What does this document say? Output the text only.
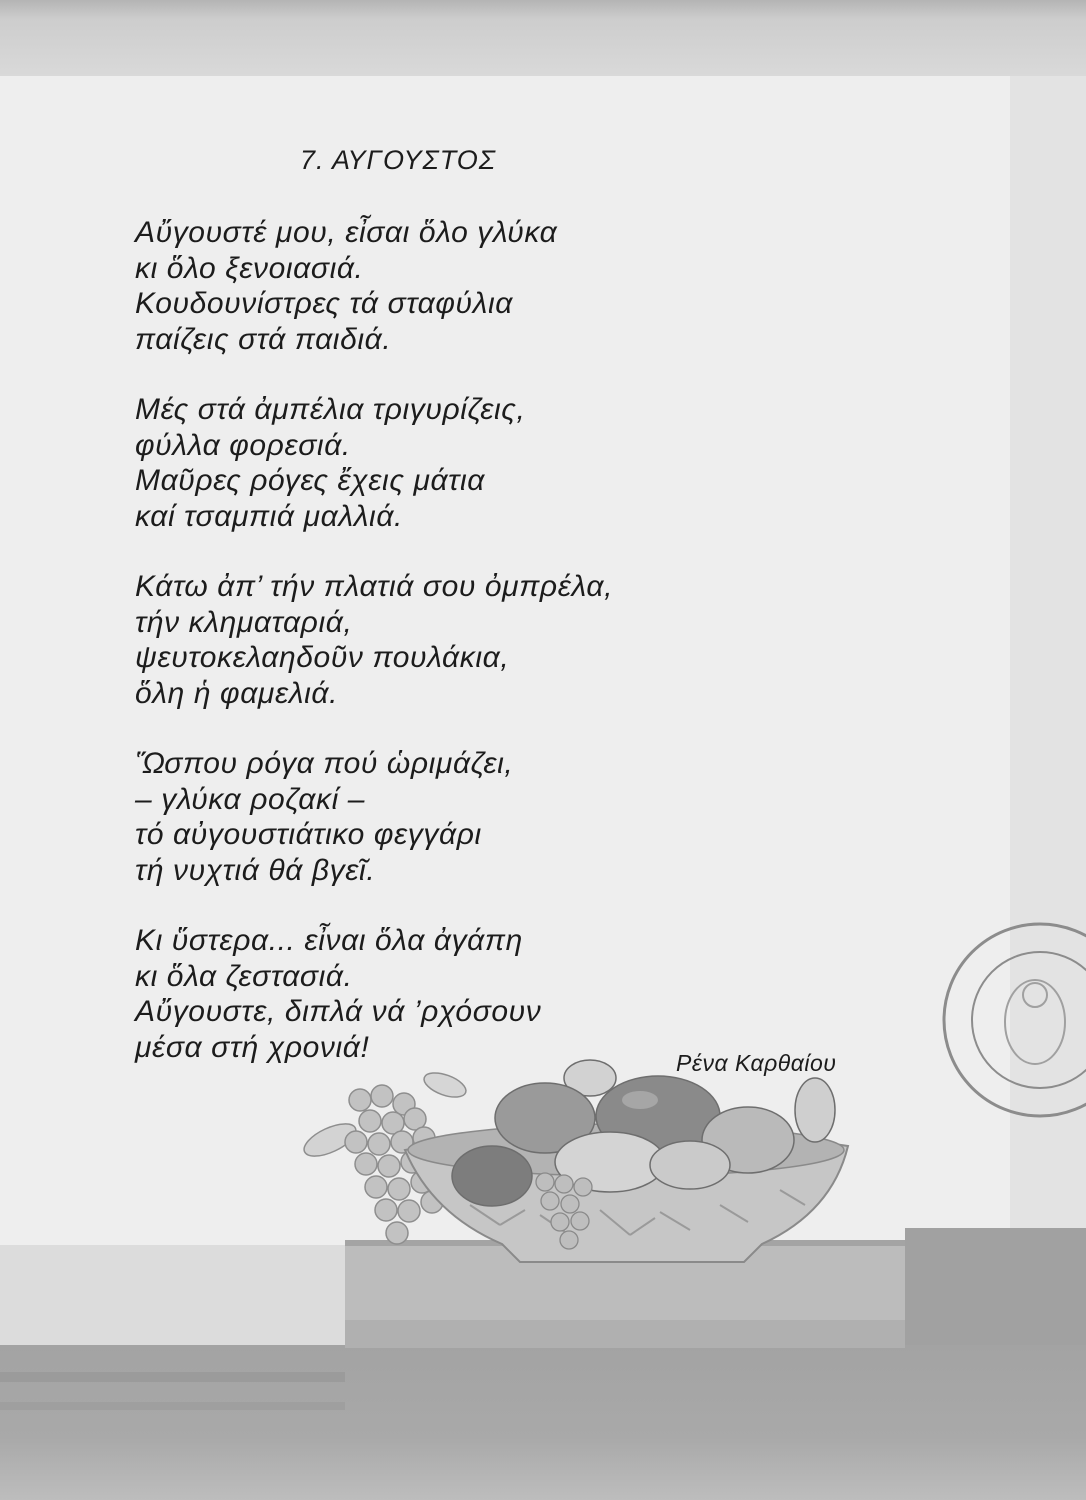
7. ΑΥΓΟΥΣΤΟΣ
Αὔγουστέ μου, εἶσαι ὅλο γλύκα
κι ὅλο ξενοιασιά.
Κουδουνίστρες τά σταφύλια
παίζεις στά παιδιά.
Μές στά ἀμπέλια τριγυρίζεις,
φύλλα φορεσιά.
Μαῦρες ρόγες ἔχεις μάτια
καί τσαμπιά μαλλιά.
Κάτω ἀπ’ τήν πλατιά σου ὀμπρέλα,
τήν κληματαριά,
ψευτοκελαηδοῦν πουλάκια,
ὅλη ἡ φαμελιά.
Ὥσπου ρόγα πού ὡριμάζει,
– γλύκα ροζακί –
τό αὐγουστιάτικο φεγγάρι
τή νυχτιά θά βγεῖ.
Κι ὕστερα... εἶναι ὅλα ἀγάπη
κι ὅλα ζεστασιά.
Αὔγουστε, διπλά νά ’ρχόσουν
μέσα στή χρονιά!	Ρένα Καρθαίου
